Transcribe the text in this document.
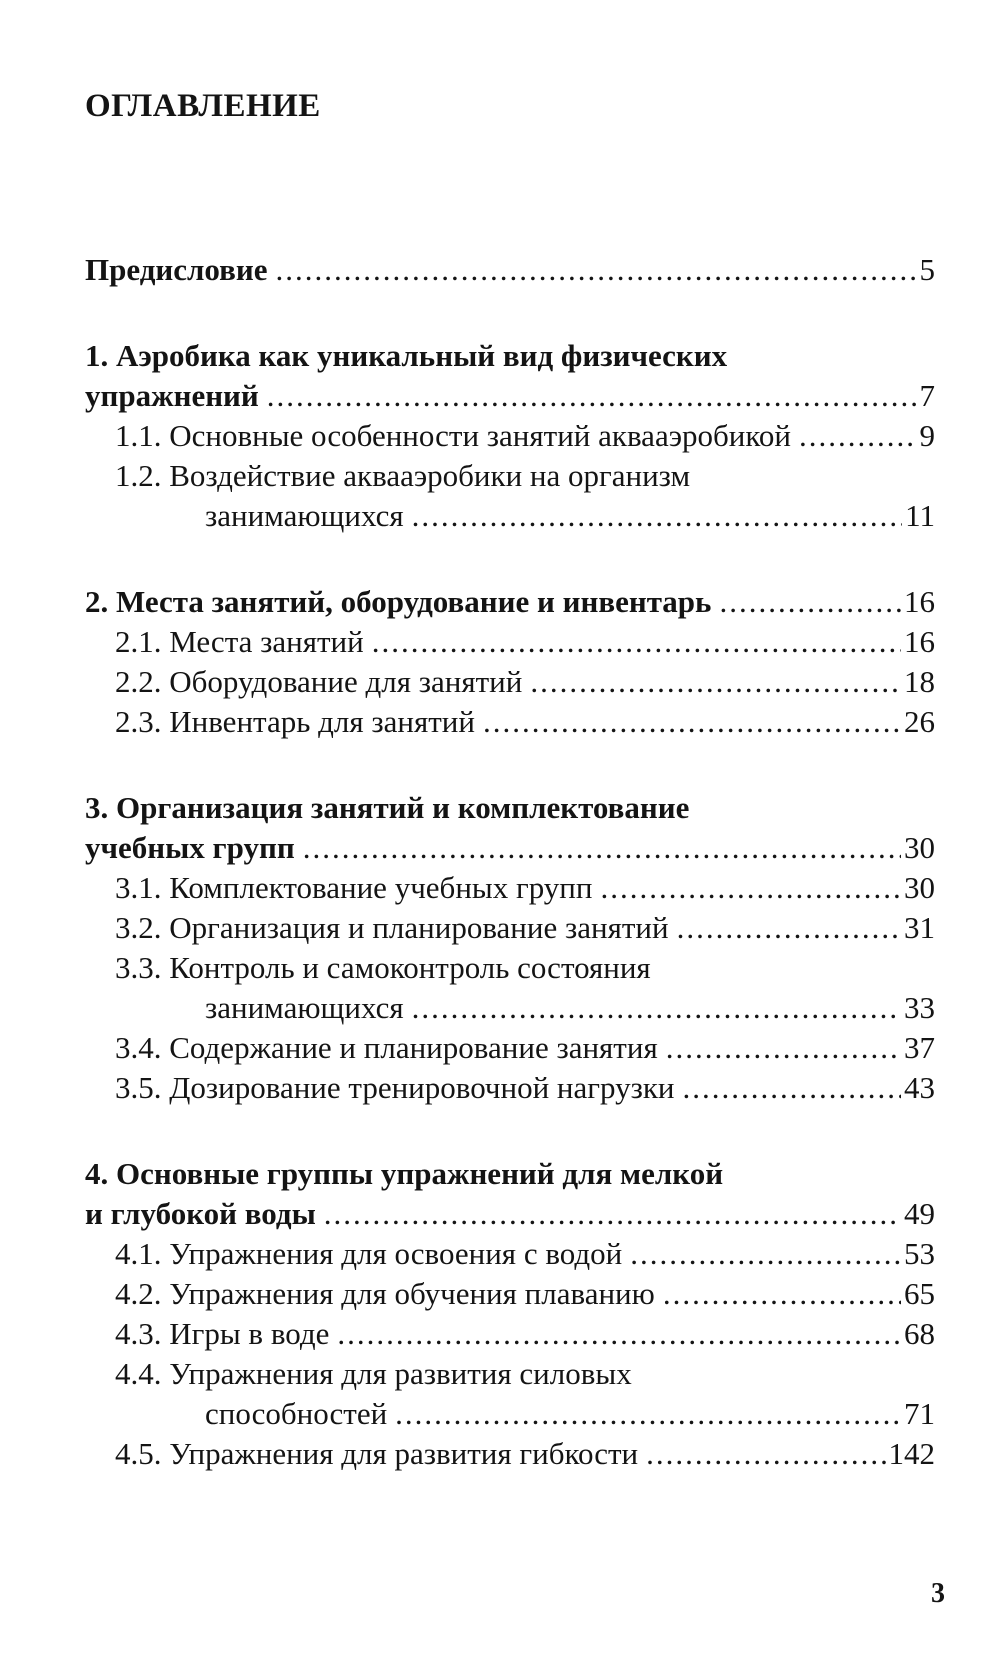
ОГЛАВЛЕНИЕ
Предисловие .....	5
1. Аэробика как уникальный вид физических
упражнений .....	7
1.1. Основные особенности занятий аквааэробикой .....	9
1.2. Воздействие аквааэробики на организм
занимающихся .....	11
2. Места занятий, оборудование и инвентарь .....	16
2.1. Места занятий .....	16
2.2. Оборудование для занятий .....	18
2.3. Инвентарь для занятий .....	26
3. Организация занятий и комплектование
учебных групп .....	30
3.1. Комплектование учебных групп .....	30
3.2. Организация и планирование занятий .....	31
3.3. Контроль и самоконтроль состояния
занимающихся .....	33
3.4. Содержание и планирование занятия .....	37
3.5. Дозирование тренировочной нагрузки .....	43
4. Основные группы упражнений для мелкой
и глубокой воды .....	49
4.1. Упражнения для освоения с водой .....	53
4.2. Упражнения для обучения плаванию .....	65
4.3. Игры в воде .....	68
4.4. Упражнения для развития силовых
способностей .....	71
4.5. Упражнения для развития гибкости .....	142
3
